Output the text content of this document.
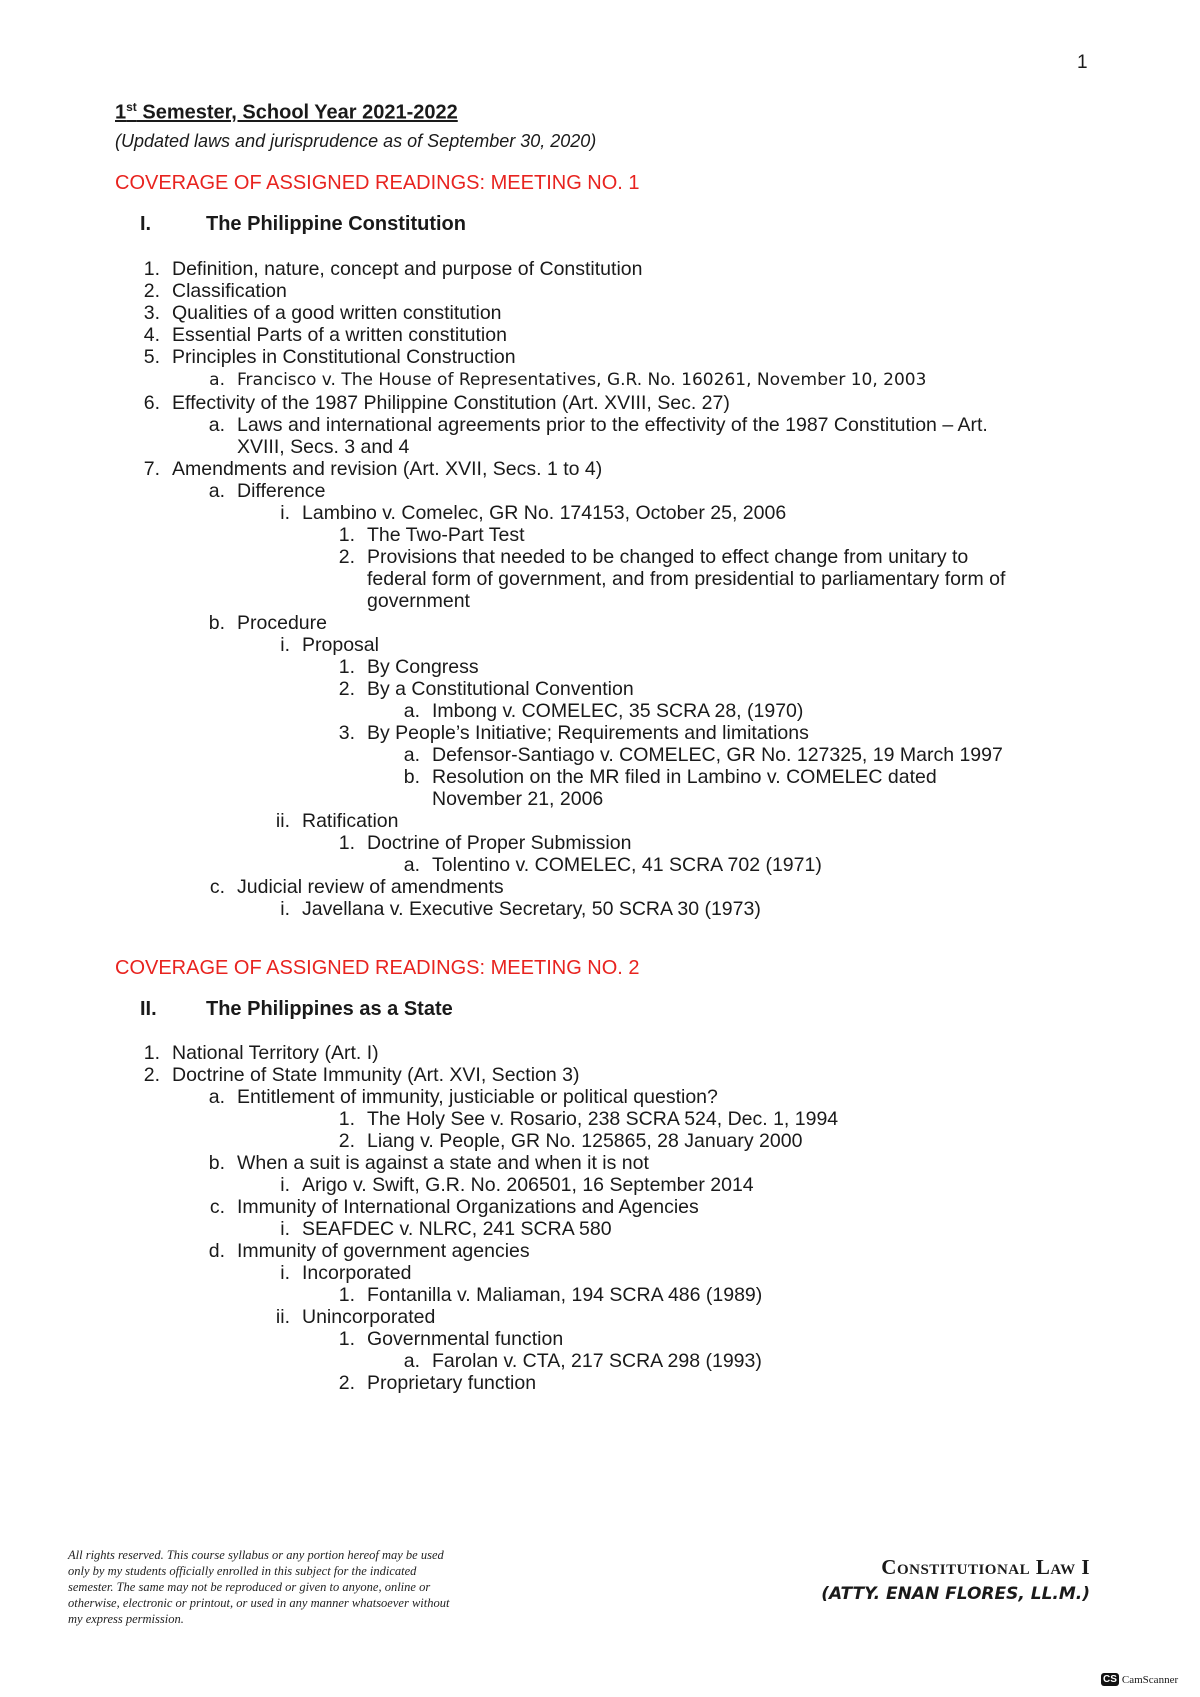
1
1st Semester, School Year 2021-2022
(Updated laws and jurisprudence as of September 30, 2020)
COVERAGE OF ASSIGNED READINGS: MEETING NO. 1
I.	The Philippine Constitution
COVERAGE OF ASSIGNED READINGS: MEETING NO. 2
II. The Philippines as a State
1. Definition, nature, concept and purpose of Constitution
2. Classification
3. Qualities of a good written constitution
4. Essential Parts of a written constitution
5. Principles in Constitutional Construction
a. Francisco v. The House of Representatives, G.R. No. 160261, November 10, 2003
6. Effectivity of the 1987 Philippine Constitution (Art. XVIII, Sec. 27)
a. Laws and international agreements prior to the effectivity of the 1987 Constitution – Art.
XVIII, Secs. 3 and 4
7. Amendments and revision (Art. XVII, Secs. 1 to 4)
a. Difference
i. Lambino v. Comelec, GR No. 174153, October 25, 2006
1. The Two-Part Test
2. Provisions that needed to be changed to effect change from unitary to
federal form of government, and from presidential to parliamentary form of
government
b. Procedure
i. Proposal
1. By Congress
2. By a Constitutional Convention
a. Imbong v. COMELEC, 35 SCRA 28, (1970)
3. By People’s Initiative; Requirements and limitations
a. Defensor-Santiago v. COMELEC, GR No. 127325, 19 March 1997
b. Resolution on the MR filed in Lambino v. COMELEC dated
November 21, 2006
ii. Ratification
1. Doctrine of Proper Submission
a. Tolentino v. COMELEC, 41 SCRA 702 (1971)
c. Judicial review of amendments
i. Javellana v. Executive Secretary, 50 SCRA 30 (1973)
1. National Territory (Art. I)
2. Doctrine of State Immunity (Art. XVI, Section 3)
a. Entitlement of immunity, justiciable or political question?
1. The Holy See v. Rosario, 238 SCRA 524, Dec. 1, 1994
2. Liang v. People, GR No. 125865, 28 January 2000
b. When a suit is against a state and when it is not
i. Arigo v. Swift, G.R. No. 206501, 16 September 2014
c. Immunity of International Organizations and Agencies
i. SEAFDEC v. NLRC, 241 SCRA 580
d. Immunity of government agencies
i. Incorporated
1. Fontanilla v. Maliaman, 194 SCRA 486 (1989)
ii. Unincorporated
1. Governmental function
a. Farolan v. CTA, 217 SCRA 298 (1993)
2. Proprietary function
All rights reserved. This course syllabus or any portion hereof may be used only by my students officially enrolled in this subject for the indicated semester. The same may not be reproduced or given to anyone, online or otherwise, electronic or printout, or used in any manner whatsoever without my express permission.
Constitutional Law I
(ATTY. ENAN FLORES, LL.M.)
CS CamScanner
